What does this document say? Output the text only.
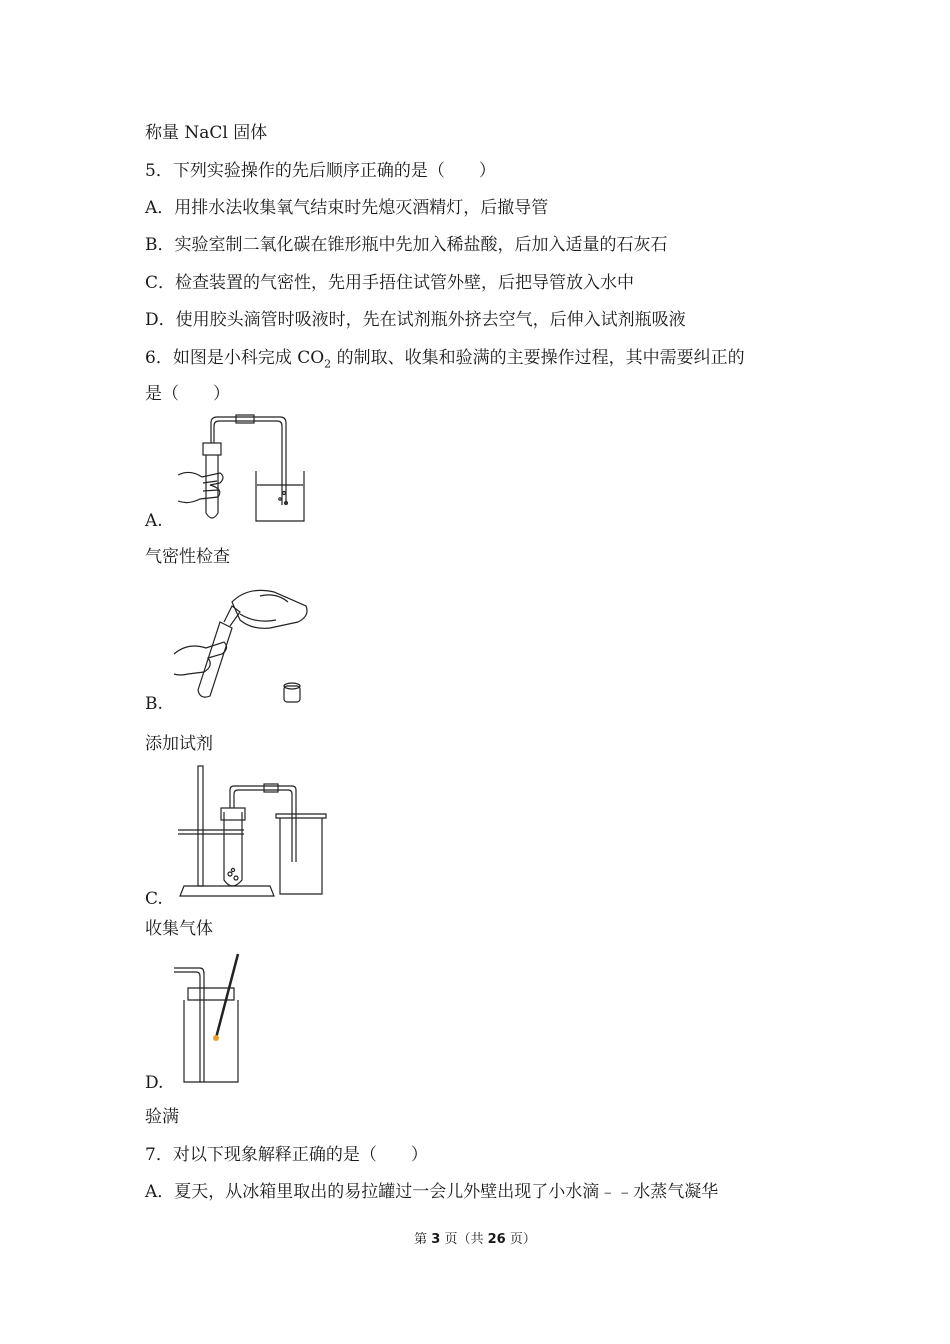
称量 NaCl 固体
5．下列实验操作的先后顺序正确的是（　　）
A．用排水法收集氧气结束时先熄灭酒精灯，后撤导管
B．实验室制二氧化碳在锥形瓶中先加入稀盐酸，后加入适量的石灰石
C．检查装置的气密性，先用手捂住试管外壁，后把导管放入水中
D．使用胶头滴管时吸液时，先在试剂瓶外挤去空气，后伸入试剂瓶吸液
6．如图是小科完成 $CO_2$ 的制取、收集和验满的主要操作过程，其中需要纠正的
是（　　）
A.
气密性检查
B.
添加试剂
C.
收集气体
D.
验满
7．对以下现象解释正确的是（　　）
A．夏天，从冰箱里取出的易拉罐过一会儿外壁出现了小水滴﹣﹣水蒸气凝华
第 3 页（共 26 页）
